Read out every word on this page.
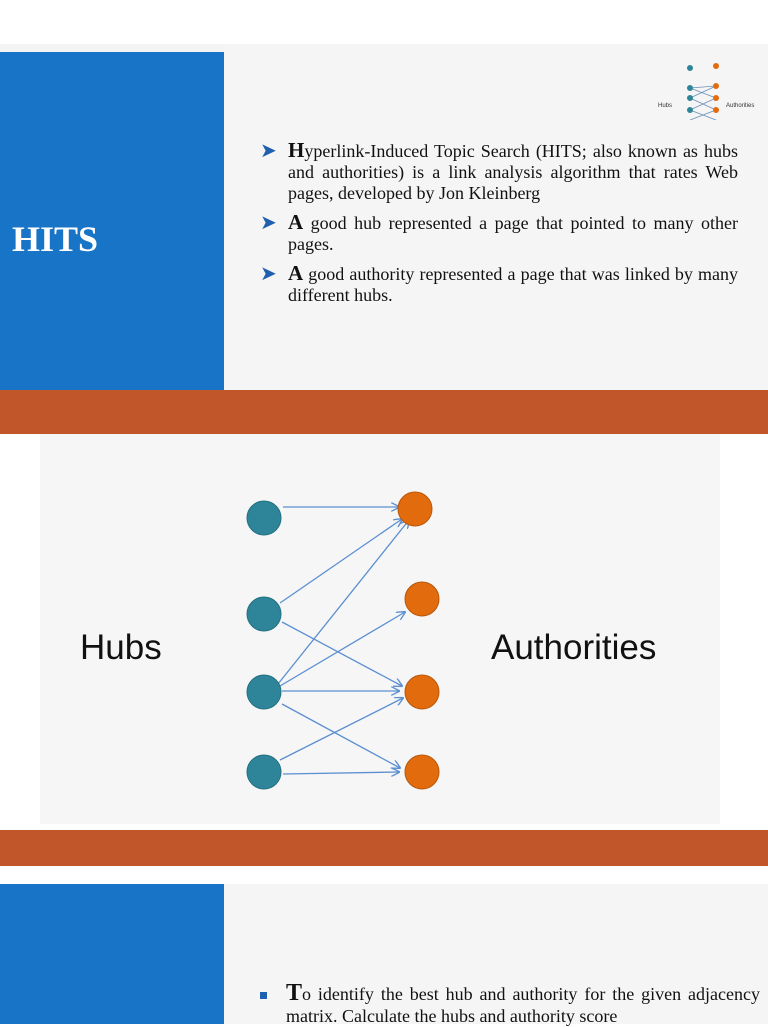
HITS
Hubs	Authorities
➤ Hyperlink-Induced Topic Search (HITS; also known as hubs and authorities) is a link analysis algorithm that rates Web pages, developed by Jon Kleinberg
➤ A good hub represented a page that pointed to many other pages.
➤ A good authority represented a page that was linked by many different hubs.
Hubs	Authorities
To identify the best hub and authority for the given adjacency matrix. Calculate the hubs and authority score
